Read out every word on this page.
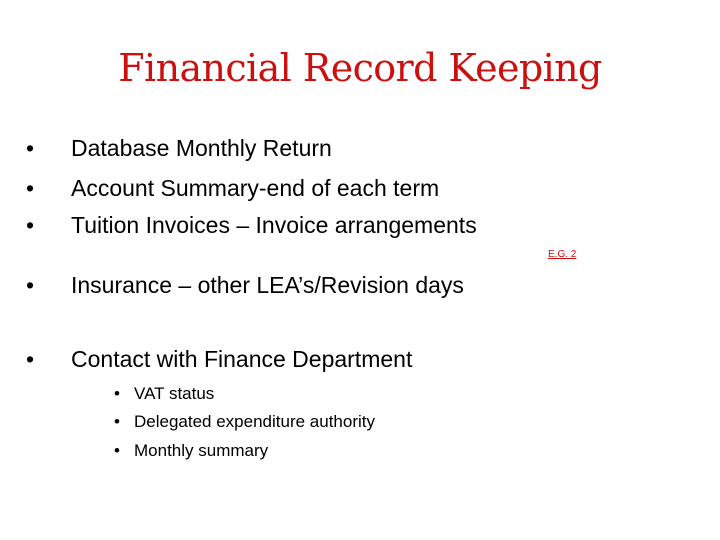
Financial Record Keeping
•	Database Monthly Return
•	Account Summary-end of each term
•	Tuition Invoices – Invoice arrangements
•	Insurance – other LEA’s/Revision days
•	Contact with Finance Department
• VAT status
• Delegated expenditure authority
• Monthly summary
E.G. 2
